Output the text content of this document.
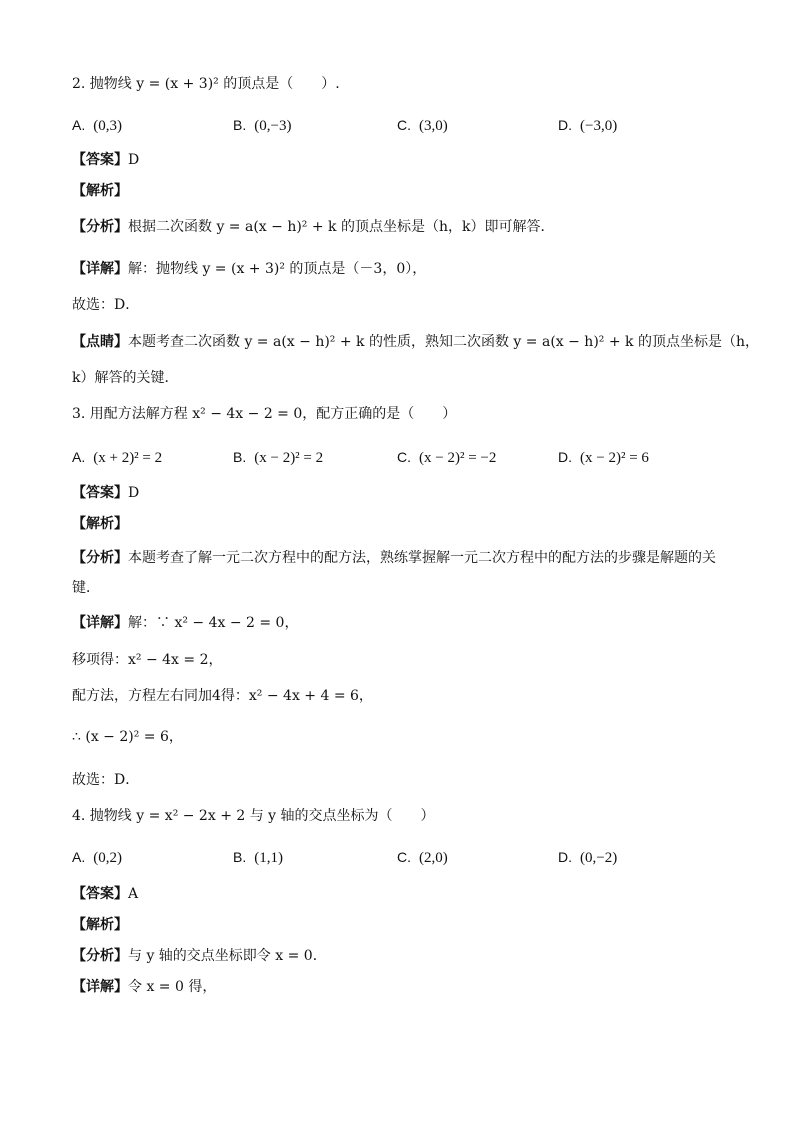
2. 抛物线 y = (x + 3)² 的顶点是（　　）.
A. (0,3)	B. (0,−3)	C. (3,0)	D. (−3,0)
【答案】D
【解析】
【分析】根据二次函数 y = a(x − h)² + k 的顶点坐标是（h，k）即可解答．
【详解】解：抛物线 y = (x + 3)² 的顶点是（－3，0），
故选：D．
【点睛】本题考查二次函数 y = a(x − h)² + k 的性质，熟知二次函数 y = a(x − h)² + k 的顶点坐标是（h，
k）解答的关键．
3. 用配方法解方程 x² − 4x − 2 = 0，配方正确的是（　　）
A. (x + 2)² = 2	B. (x − 2)² = 2	C. (x − 2)² = −2	D. (x − 2)² = 6
【答案】D
【解析】
【分析】本题考查了解一元二次方程中的配方法，熟练掌握解一元二次方程中的配方法的步骤是解题的关
键．
【详解】解：∵ x² − 4x − 2 = 0，
移项得：x² − 4x = 2，
配方法，方程左右同加4得：x² − 4x + 4 = 6，
∴ (x − 2)² = 6，
故选：D．
4. 抛物线 y = x² − 2x + 2 与 y 轴的交点坐标为（　　）
A. (0,2)	B. (1,1)	C. (2,0)	D. (0,−2)
【答案】A
【解析】
【分析】与 y 轴的交点坐标即令 x = 0．
【详解】令 x = 0 得，
